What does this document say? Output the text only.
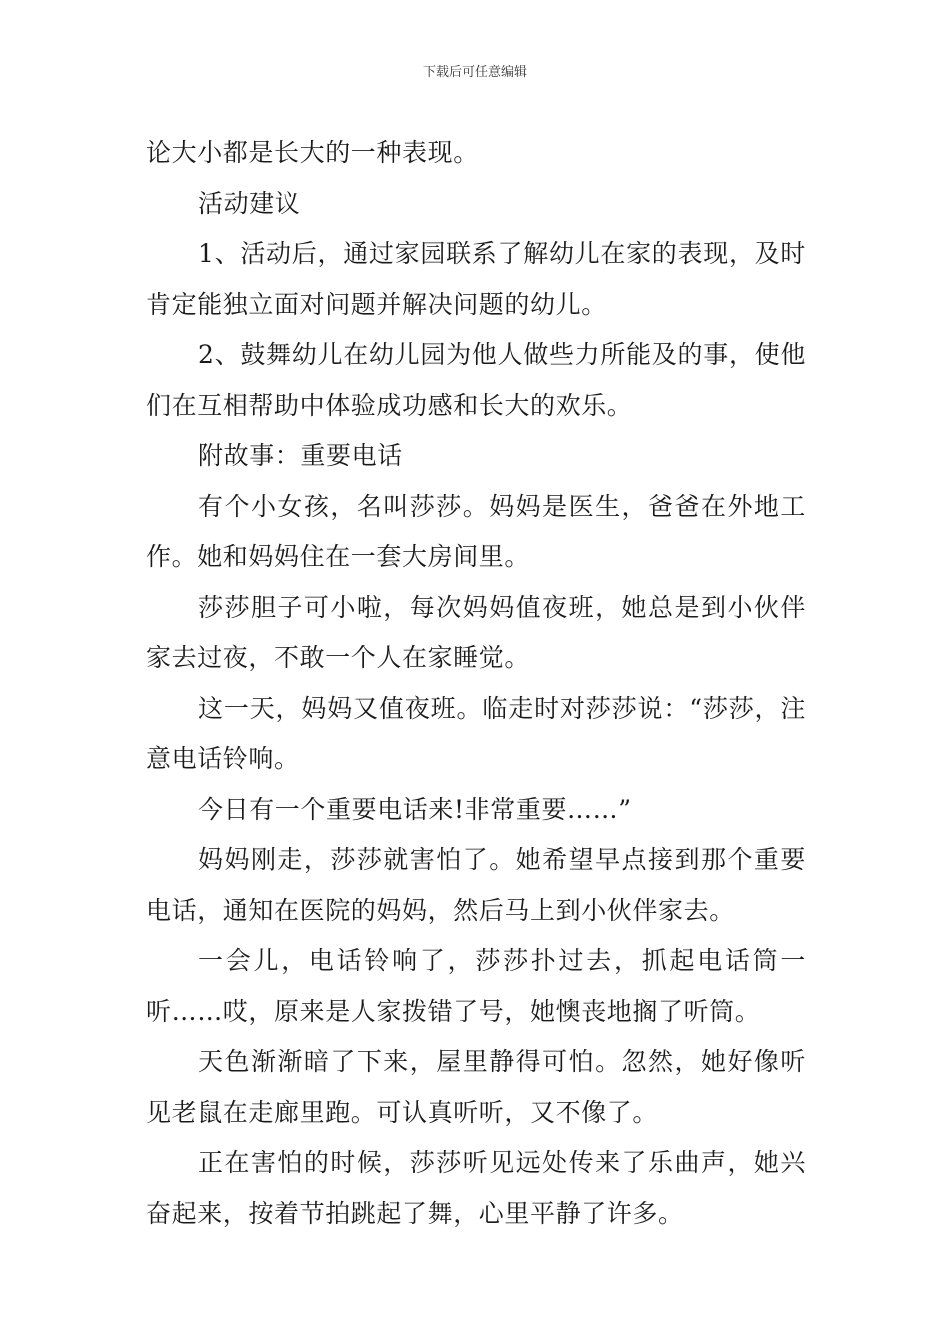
下载后可任意编辑

论大小都是长大的一种表现。

活动建议

1、活动后，通过家园联系了解幼儿在家的表现，及时肯定能独立面对问题并解决问题的幼儿。

2、鼓舞幼儿在幼儿园为他人做些力所能及的事，使他们在互相帮助中体验成功感和长大的欢乐。

附故事：重要电话

有个小女孩，名叫莎莎。妈妈是医生，爸爸在外地工作。她和妈妈住在一套大房间里。

莎莎胆子可小啦，每次妈妈值夜班，她总是到小伙伴家去过夜，不敢一个人在家睡觉。

这一天，妈妈又值夜班。临走时对莎莎说：“莎莎，注意电话铃响。

今日有一个重要电话来!非常重要……”

妈妈刚走，莎莎就害怕了。她希望早点接到那个重要电话，通知在医院的妈妈，然后马上到小伙伴家去。

一会儿，电话铃响了，莎莎扑过去，抓起电话筒一听……哎，原来是人家拨错了号，她懊丧地搁了听筒。

天色渐渐暗了下来，屋里静得可怕。忽然，她好像听见老鼠在走廊里跑。可认真听听，又不像了。

正在害怕的时候，莎莎听见远处传来了乐曲声，她兴奋起来，按着节拍跳起了舞，心里平静了许多。
